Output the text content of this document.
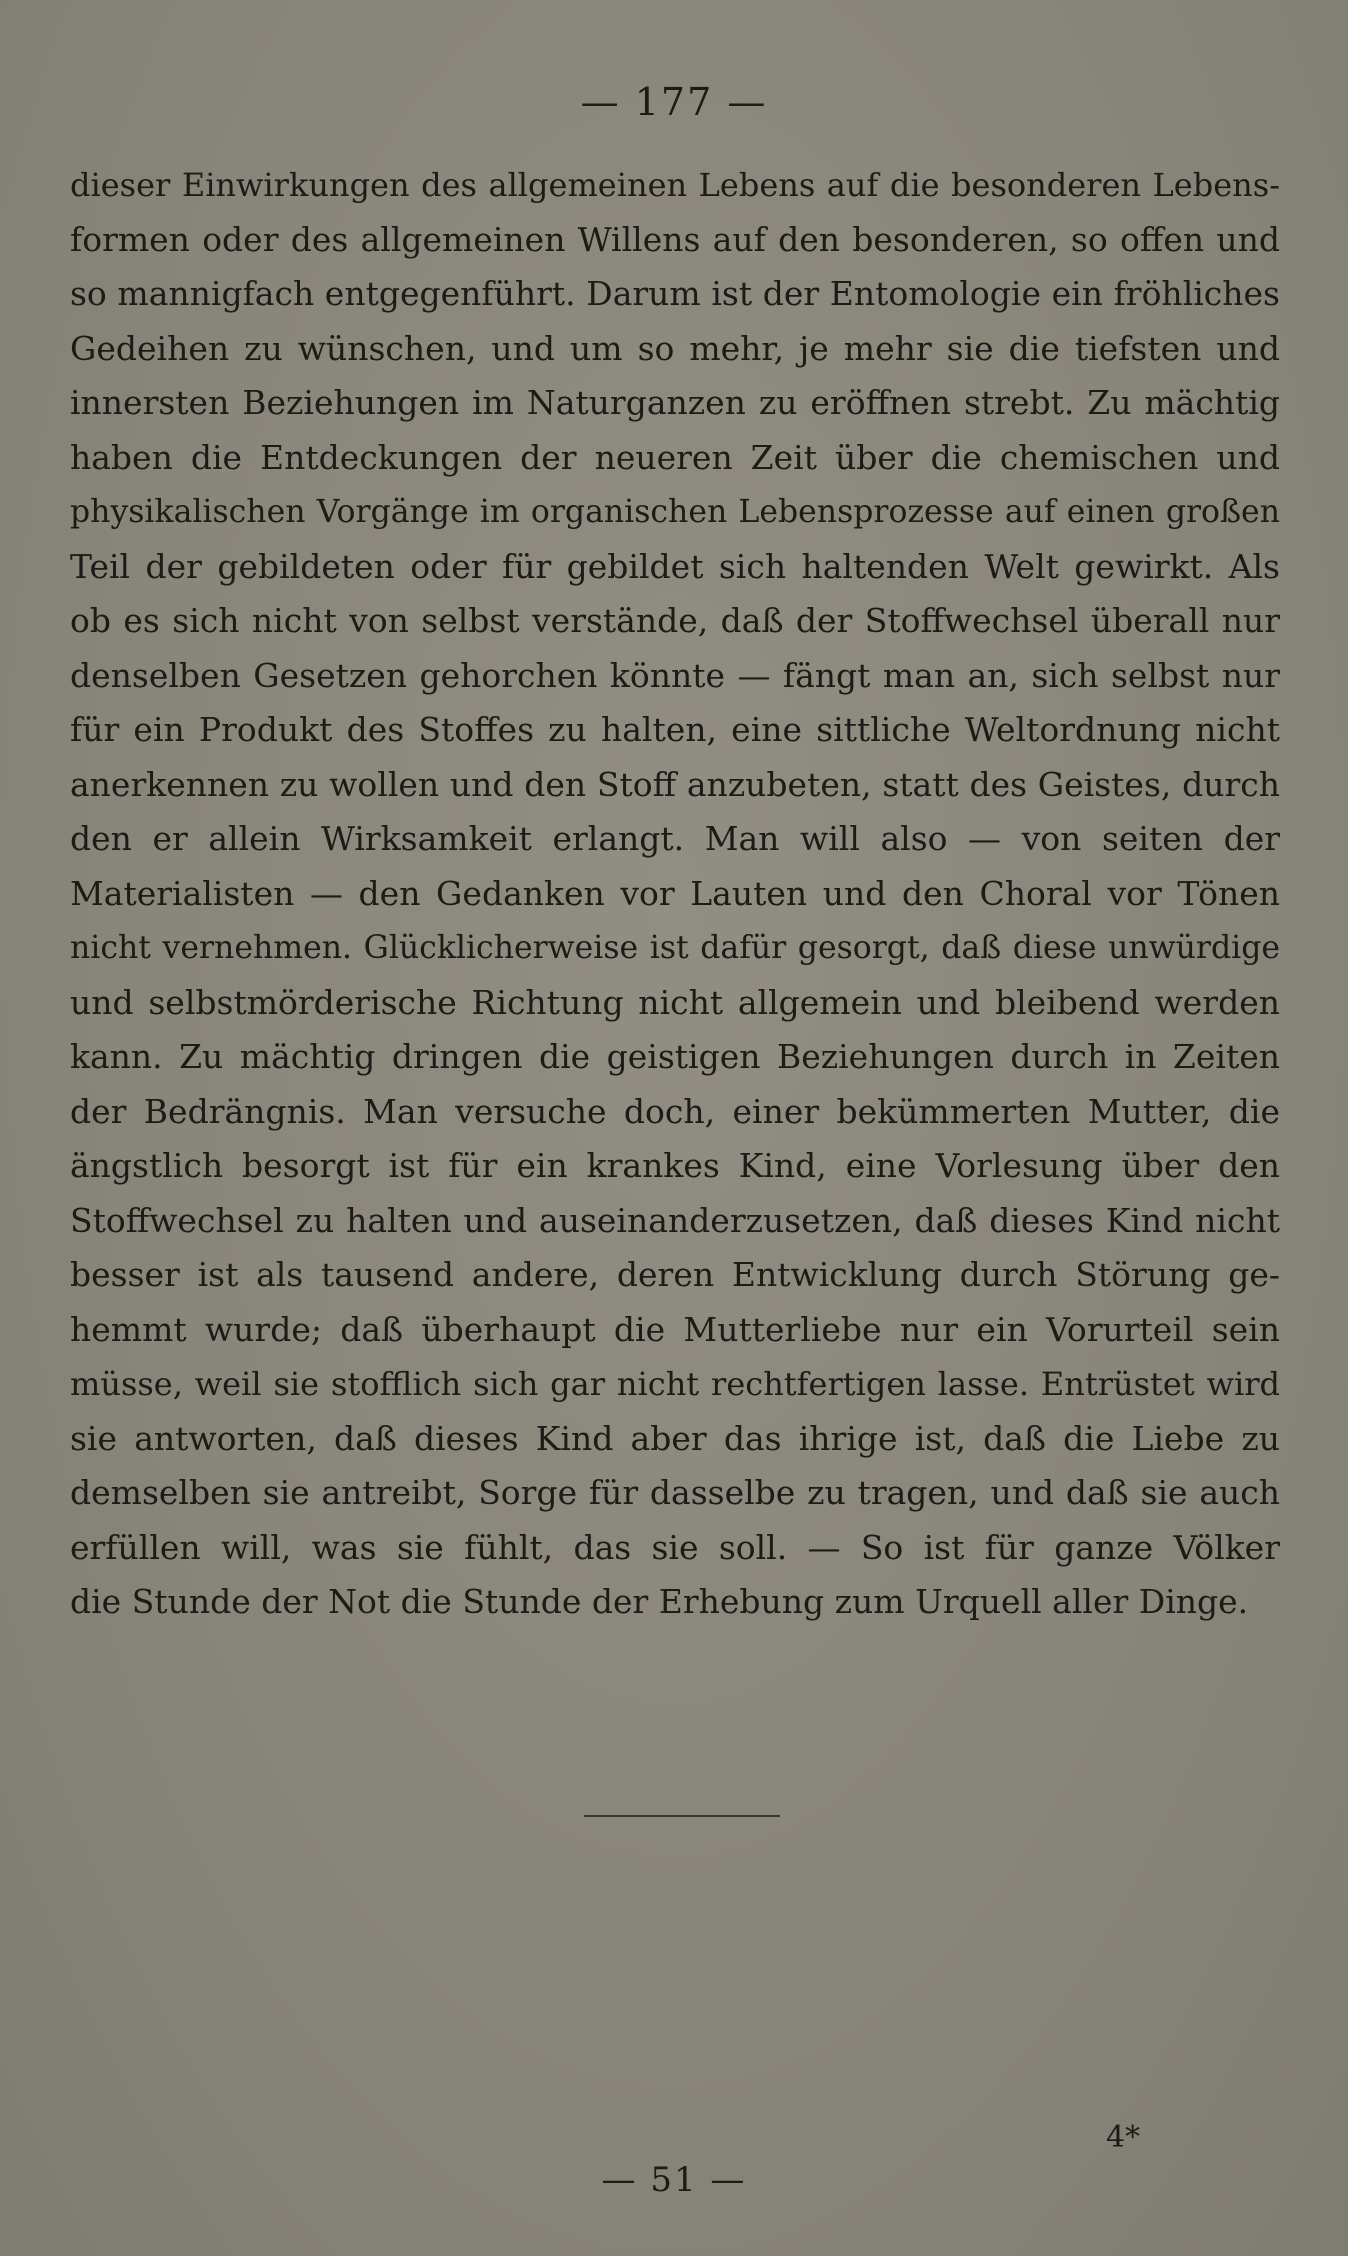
— 177 —
dieser Einwirkungen des allgemeinen Lebens auf die besonderen Lebens-
formen oder des allgemeinen Willens auf den besonderen, so offen und
so mannigfach entgegenführt. Darum ist der Entomologie ein fröhliches
Gedeihen zu wünschen, und um so mehr, je mehr sie die tiefsten und
innersten Beziehungen im Naturganzen zu eröffnen strebt. Zu mächtig
haben die Entdeckungen der neueren Zeit über die chemischen und
physikalischen Vorgänge im organischen Lebensprozesse auf einen großen
Teil der gebildeten oder für gebildet sich haltenden Welt gewirkt. Als
ob es sich nicht von selbst verstände, daß der Stoffwechsel überall nur
denselben Gesetzen gehorchen könnte — fängt man an, sich selbst nur
für ein Produkt des Stoffes zu halten, eine sittliche Weltordnung nicht
anerkennen zu wollen und den Stoff anzubeten, statt des Geistes, durch
den er allein Wirksamkeit erlangt. Man will also — von seiten der
Materialisten — den Gedanken vor Lauten und den Choral vor Tönen
nicht vernehmen. Glücklicherweise ist dafür gesorgt, daß diese unwürdige
und selbstmörderische Richtung nicht allgemein und bleibend werden
kann. Zu mächtig dringen die geistigen Beziehungen durch in Zeiten
der Bedrängnis. Man versuche doch, einer bekümmerten Mutter, die
ängstlich besorgt ist für ein krankes Kind, eine Vorlesung über den
Stoffwechsel zu halten und auseinanderzusetzen, daß dieses Kind nicht
besser ist als tausend andere, deren Entwicklung durch Störung ge-
hemmt wurde; daß überhaupt die Mutterliebe nur ein Vorurteil sein
müsse, weil sie stofflich sich gar nicht rechtfertigen lasse. Entrüstet wird
sie antworten, daß dieses Kind aber das ihrige ist, daß die Liebe zu
demselben sie antreibt, Sorge für dasselbe zu tragen, und daß sie auch
erfüllen will, was sie fühlt, das sie soll. — So ist für ganze Völker
die Stunde der Not die Stunde der Erhebung zum Urquell aller Dinge.
4*
— 51 —
